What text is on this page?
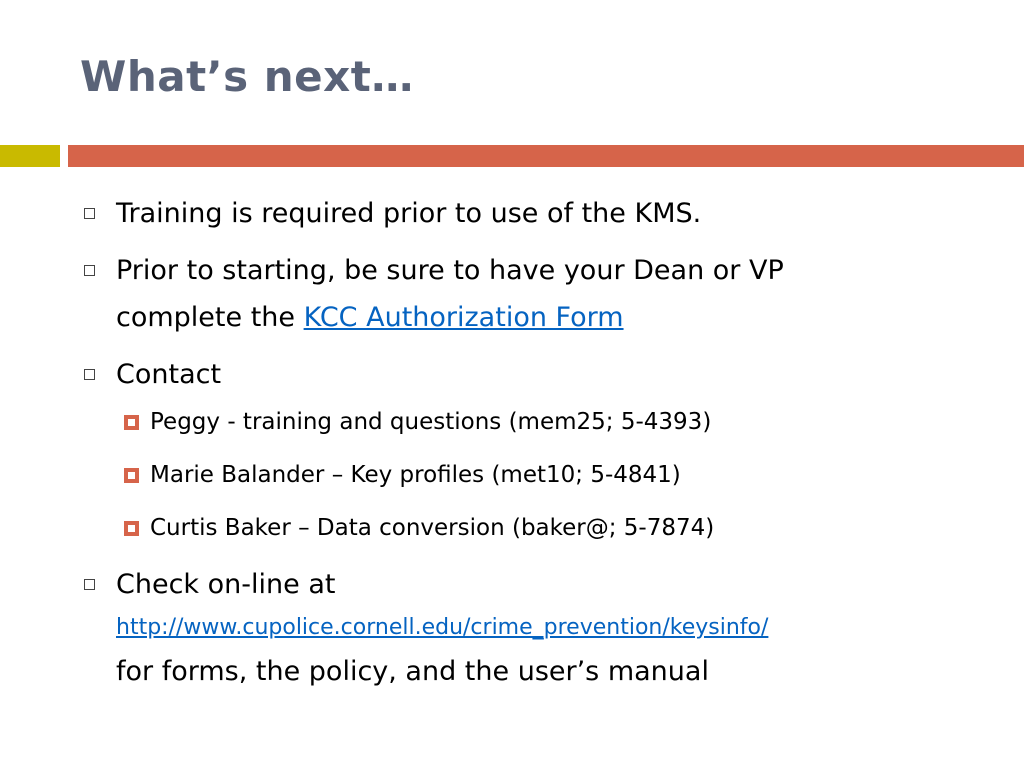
What’s next…
Training is required prior to use of the KMS.
Prior to starting, be sure to have your Dean or VP
complete the KCC Authorization Form
Contact
Peggy - training and questions (mem25; 5-4393)
Marie Balander – Key profiles (met10; 5-4841)
Curtis Baker – Data conversion (baker@; 5-7874)
Check on-line at
http://www.cupolice.cornell.edu/crime_prevention/keysinfo/
for forms, the policy, and the user’s manual
